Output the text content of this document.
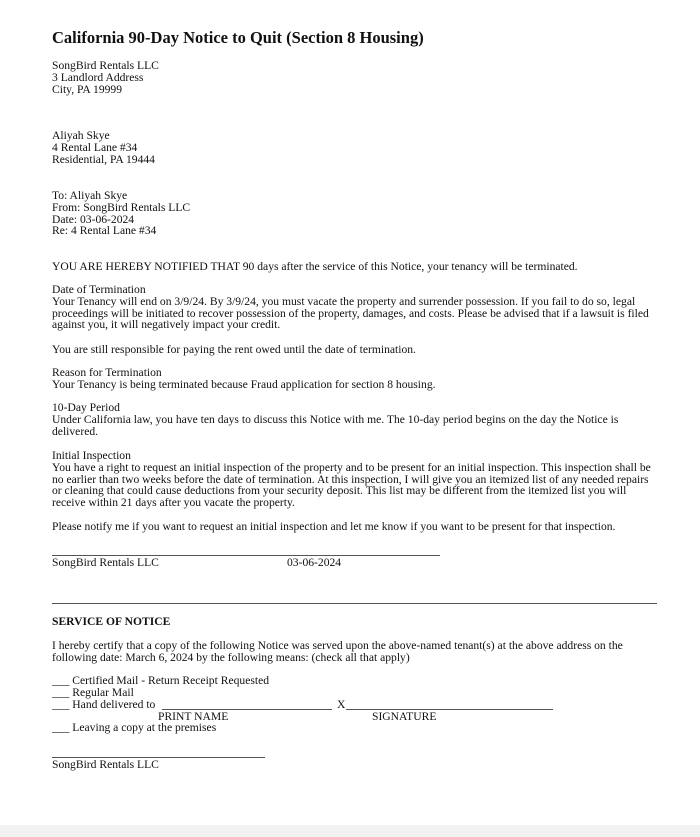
California 90-Day Notice to Quit (Section 8 Housing)
SongBird Rentals LLC
3 Landlord Address
City, PA 19999
Aliyah Skye
4 Rental Lane #34
Residential, PA 19444
To: Aliyah Skye
From: SongBird Rentals LLC
Date: 03-06-2024
Re: 4 Rental Lane #34
YOU ARE HEREBY NOTIFIED THAT 90 days after the service of this Notice, your tenancy will be terminated.
Date of Termination
Your Tenancy will end on 3/9/24. By 3/9/24, you must vacate the property and surrender possession. If you fail to do so, legal proceedings will be initiated to recover possession of the property, damages, and costs. Please be advised that if a lawsuit is filed against you, it will negatively impact your credit.
You are still responsible for paying the rent owed until the date of termination.
Reason for Termination
Your Tenancy is being terminated because Fraud application for section 8 housing.
10-Day Period
Under California law, you have ten days to discuss this Notice with me. The 10-day period begins on the day the Notice is delivered.
Initial Inspection
You have a right to request an initial inspection of the property and to be present for an initial inspection. This inspection shall be no earlier than two weeks before the date of termination. At this inspection, I will give you an itemized list of any needed repairs or cleaning that could cause deductions from your security deposit. This list may be different from the itemized list you will receive within 21 days after you vacate the property.
Please notify me if you want to request an initial inspection and let me know if you want to be present for that inspection.
SongBird Rentals LLC	03-06-2024
SERVICE OF NOTICE
I hereby certify that a copy of the following Notice was served upon the above-named tenant(s) at the above address on the following date: March 6, 2024 by the following means: (check all that apply)
___ Certified Mail - Return Receipt Requested
___ Regular Mail
___ Hand delivered to
___ Leaving a copy at the premises
X
PRINT NAME	SIGNATURE
SongBird Rentals LLC
